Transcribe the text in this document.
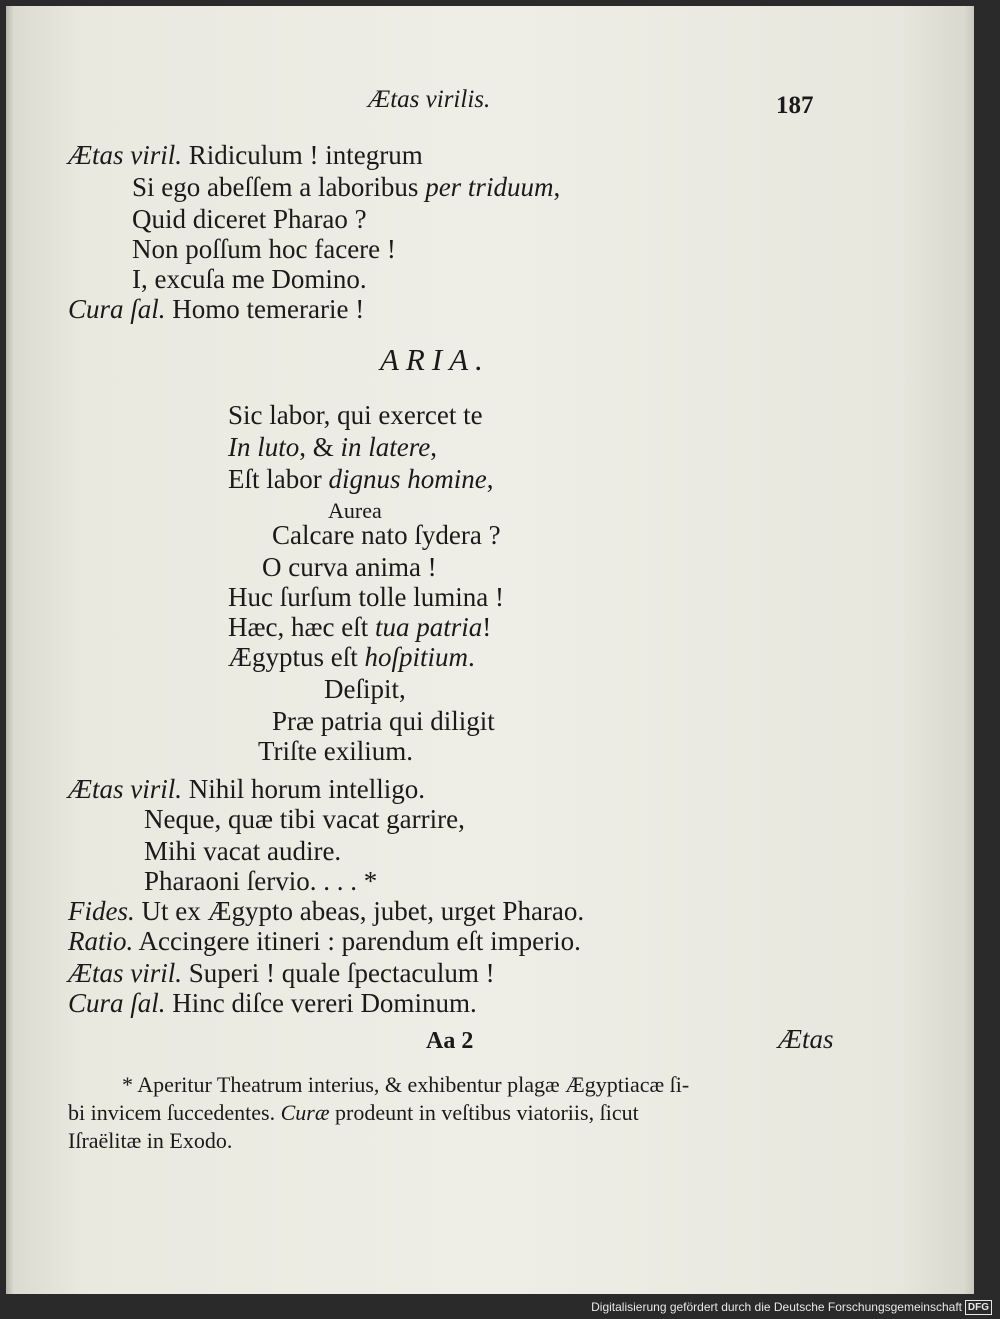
Ætas virilis.	187
Ætas viril. Ridiculum ! integrum
Si ego abeſſem a laboribus per triduum,
Quid diceret Pharao ?
Non poſſum hoc facere !
I, excuſa me Domino.
Cura ſal. Homo temerarie !
ARIA.
Sic labor, qui exercet te
In luto, & in latere,
Eſt labor dignus homine,
Aurea
Calcare nato ſydera ?
O curva anima !
Huc ſurſum tolle lumina !
Hæc, hæc eſt tua patria!
Ægyptus eſt hoſpitium.
Deſipit,
Præ patria qui diligit
Triſte exilium.
Ætas viril. Nihil horum intelligo.
Neque, quæ tibi vacat garrire,
Mihi vacat audire.
Pharaoni ſervio. . . . *
Fides. Ut ex Ægypto abeas, jubet, urget Pharao.
Ratio. Accingere itineri : parendum eſt imperio.
Ætas viril. Superi ! quale ſpectaculum !
Cura ſal. Hinc diſce vereri Dominum.
Aa 2	Ætas
* Aperitur Theatrum interius, & exhibentur plagæ Ægyptiacæ ſi-
bi invicem ſuccedentes. Curæ prodeunt in veſtibus viatoriis, ſicut
Iſraëlitæ in Exodo.
Digitalisierung gefördert durch die Deutsche Forschungsgemeinschaft DFG
